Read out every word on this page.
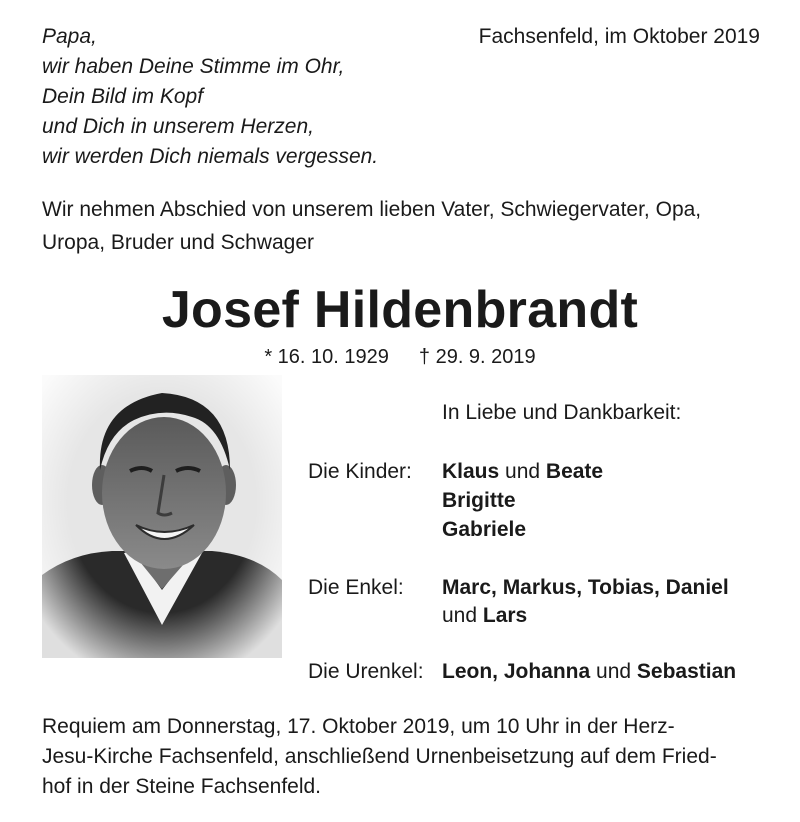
Papa,
wir haben Deine Stimme im Ohr,
Dein Bild im Kopf
und Dich in unserem Herzen,
wir werden Dich niemals vergessen.
Fachsenfeld, im Oktober 2019
Wir nehmen Abschied von unserem lieben Vater, Schwiegervater, Opa,
Uropa, Bruder und Schwager
Josef Hildenbrandt
* 16. 10. 1929 † 29. 9. 2019
In Liebe und Dankbarkeit:
Die Kinder: Klaus und Beate
Brigitte
Gabriele
Die Enkel: Marc, Markus, Tobias, Daniel
und Lars
Die Urenkel: Leon, Johanna und Sebastian
Requiem am Donnerstag, 17. Oktober 2019, um 10 Uhr in der Herz-
Jesu-Kirche Fachsenfeld, anschließend Urnenbeisetzung auf dem Fried-
hof in der Steine Fachsenfeld.
